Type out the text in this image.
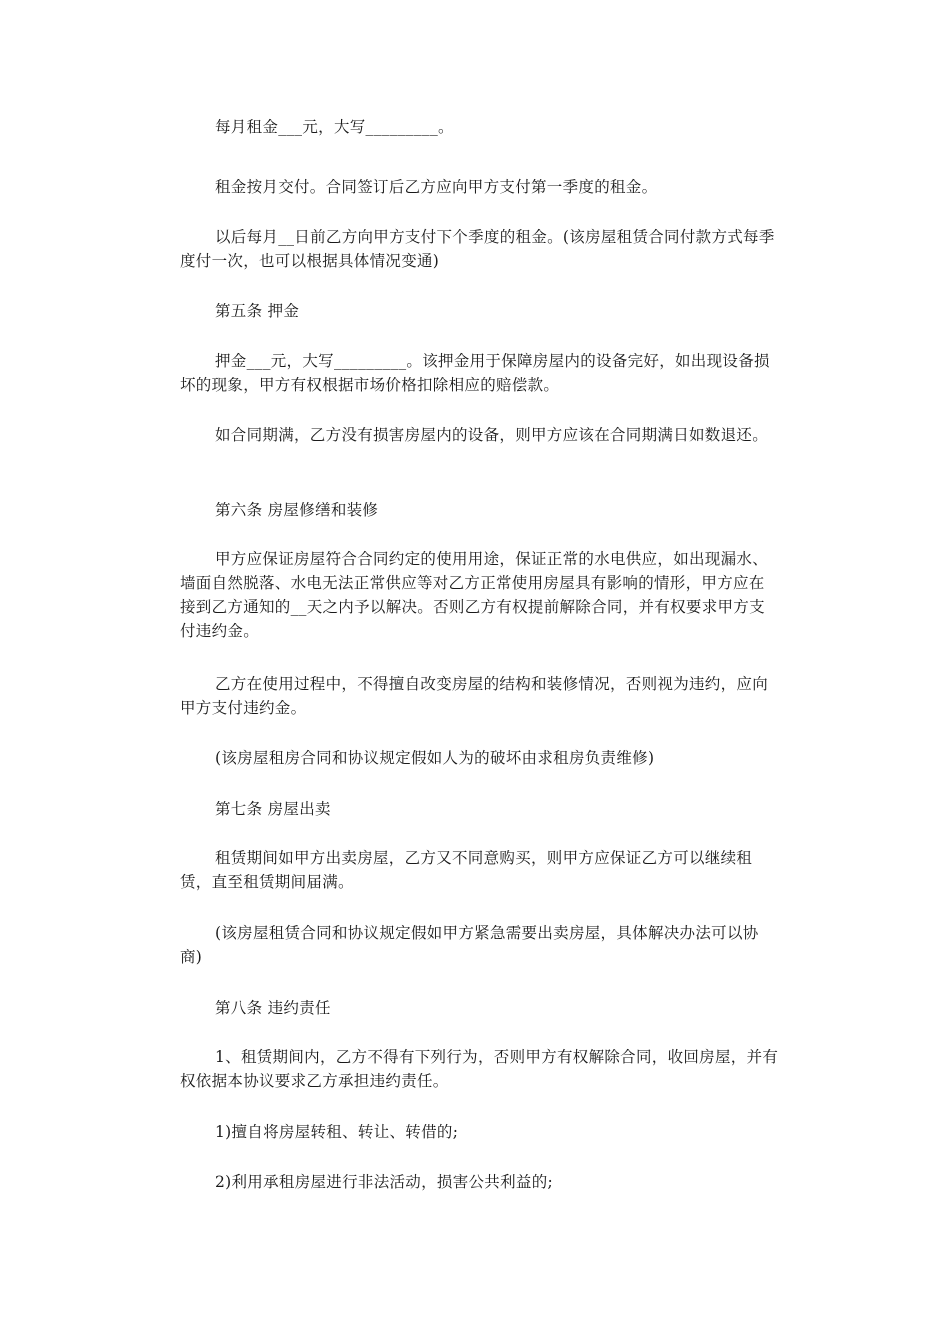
每月租金___元，大写_________。

租金按月交付。合同签订后乙方应向甲方支付第一季度的租金。

以后每月__日前乙方向甲方支付下个季度的租金。(该房屋租赁合同付款方式每季度付一次，也可以根据具体情况变通)

第五条 押金

押金___元，大写_________。该押金用于保障房屋内的设备完好，如出现设备损坏的现象，甲方有权根据市场价格扣除相应的赔偿款。

如合同期满，乙方没有损害房屋内的设备，则甲方应该在合同期满日如数退还。

第六条 房屋修缮和装修

甲方应保证房屋符合合同约定的使用用途，保证正常的水电供应，如出现漏水、墙面自然脱落、水电无法正常供应等对乙方正常使用房屋具有影响的情形，甲方应在接到乙方通知的__天之内予以解决。否则乙方有权提前解除合同，并有权要求甲方支付违约金。

乙方在使用过程中，不得擅自改变房屋的结构和装修情况，否则视为违约，应向甲方支付违约金。

(该房屋租房合同和协议规定假如人为的破坏由求租房负责维修)

第七条 房屋出卖

租赁期间如甲方出卖房屋，乙方又不同意购买，则甲方应保证乙方可以继续租赁，直至租赁期间届满。

(该房屋租赁合同和协议规定假如甲方紧急需要出卖房屋，具体解决办法可以协商)

第八条 违约责任

1、租赁期间内，乙方不得有下列行为，否则甲方有权解除合同，收回房屋，并有权依据本协议要求乙方承担违约责任。

1)擅自将房屋转租、转让、转借的;

2)利用承租房屋进行非法活动，损害公共利益的;
